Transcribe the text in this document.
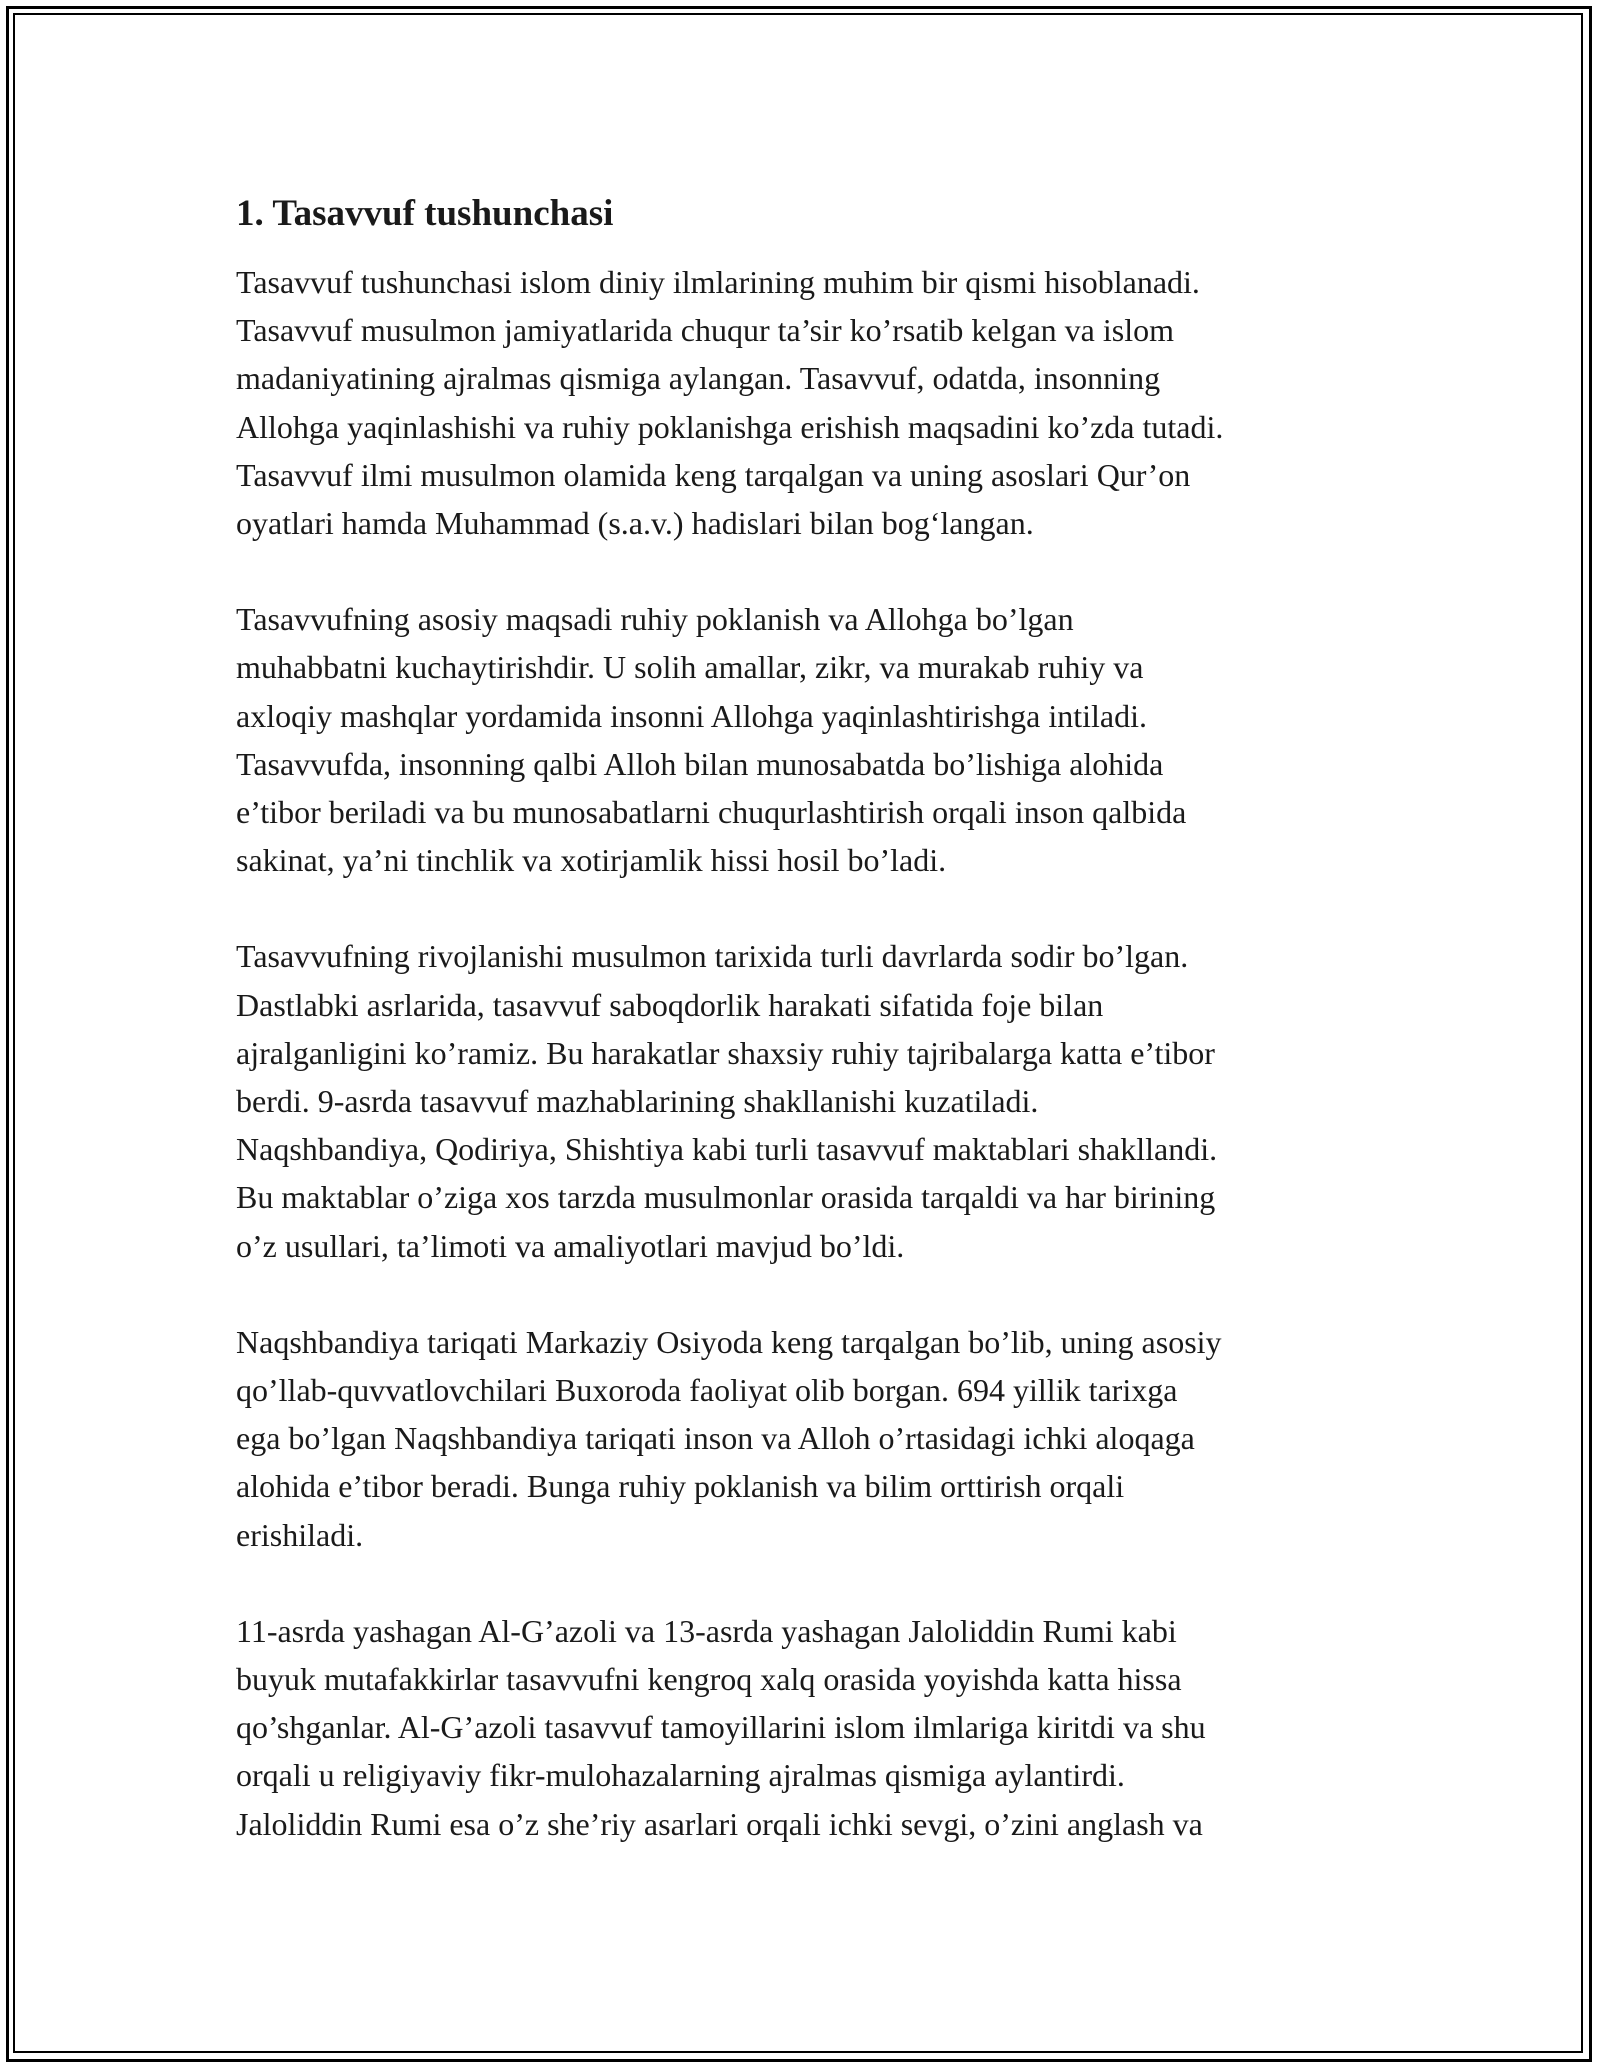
1. Tasavvuf tushunchasi

Tasavvuf tushunchasi islom diniy ilmlarining muhim bir qismi hisoblanadi.
Tasavvuf musulmon jamiyatlarida chuqur ta’sir ko’rsatib kelgan va islom
madaniyatining ajralmas qismiga aylangan. Tasavvuf, odatda, insonning
Allohga yaqinlashishi va ruhiy poklanishga erishish maqsadini ko’zda tutadi.
Tasavvuf ilmi musulmon olamida keng tarqalgan va uning asoslari Qur’on
oyatlari hamda Muhammad (s.a.v.) hadislari bilan bog‘langan.

Tasavvufning asosiy maqsadi ruhiy poklanish va Allohga bo’lgan
muhabbatni kuchaytirishdir. U solih amallar, zikr, va murakab ruhiy va
axloqiy mashqlar yordamida insonni Allohga yaqinlashtirishga intiladi.
Tasavvufda, insonning qalbi Alloh bilan munosabatda bo’lishiga alohida
e’tibor beriladi va bu munosabatlarni chuqurlashtirish orqali inson qalbida
sakinat, ya’ni tinchlik va xotirjamlik hissi hosil bo’ladi.

Tasavvufning rivojlanishi musulmon tarixida turli davrlarda sodir bo’lgan.
Dastlabki asrlarida, tasavvuf saboqdorlik harakati sifatida foje bilan
ajralganligini ko’ramiz. Bu harakatlar shaxsiy ruhiy tajribalarga katta e’tibor
berdi. 9-asrda tasavvuf mazhablarining shakllanishi kuzatiladi.
Naqshbandiya, Qodiriya, Shishtiya kabi turli tasavvuf maktablari shakllandi.
Bu maktablar o’ziga xos tarzda musulmonlar orasida tarqaldi va har birining
o’z usullari, ta’limoti va amaliyotlari mavjud bo’ldi.

Naqshbandiya tariqati Markaziy Osiyoda keng tarqalgan bo’lib, uning asosiy
qo’llab-quvvatlovchilari Buxoroda faoliyat olib borgan. 694 yillik tarixga
ega bo’lgan Naqshbandiya tariqati inson va Alloh o’rtasidagi ichki aloqaga
alohida e’tibor beradi. Bunga ruhiy poklanish va bilim orttirish orqali
erishiladi.

11-asrda yashagan Al-G’azoli va 13-asrda yashagan Jaloliddin Rumi kabi
buyuk mutafakkirlar tasavvufni kengroq xalq orasida yoyishda katta hissa
qo’shganlar. Al-G’azoli tasavvuf tamoyillarini islom ilmlariga kiritdi va shu
orqali u religiyaviy fikr-mulohazalarning ajralmas qismiga aylantirdi.
Jaloliddin Rumi esa o’z she’riy asarlari orqali ichki sevgi, o’zini anglash va
